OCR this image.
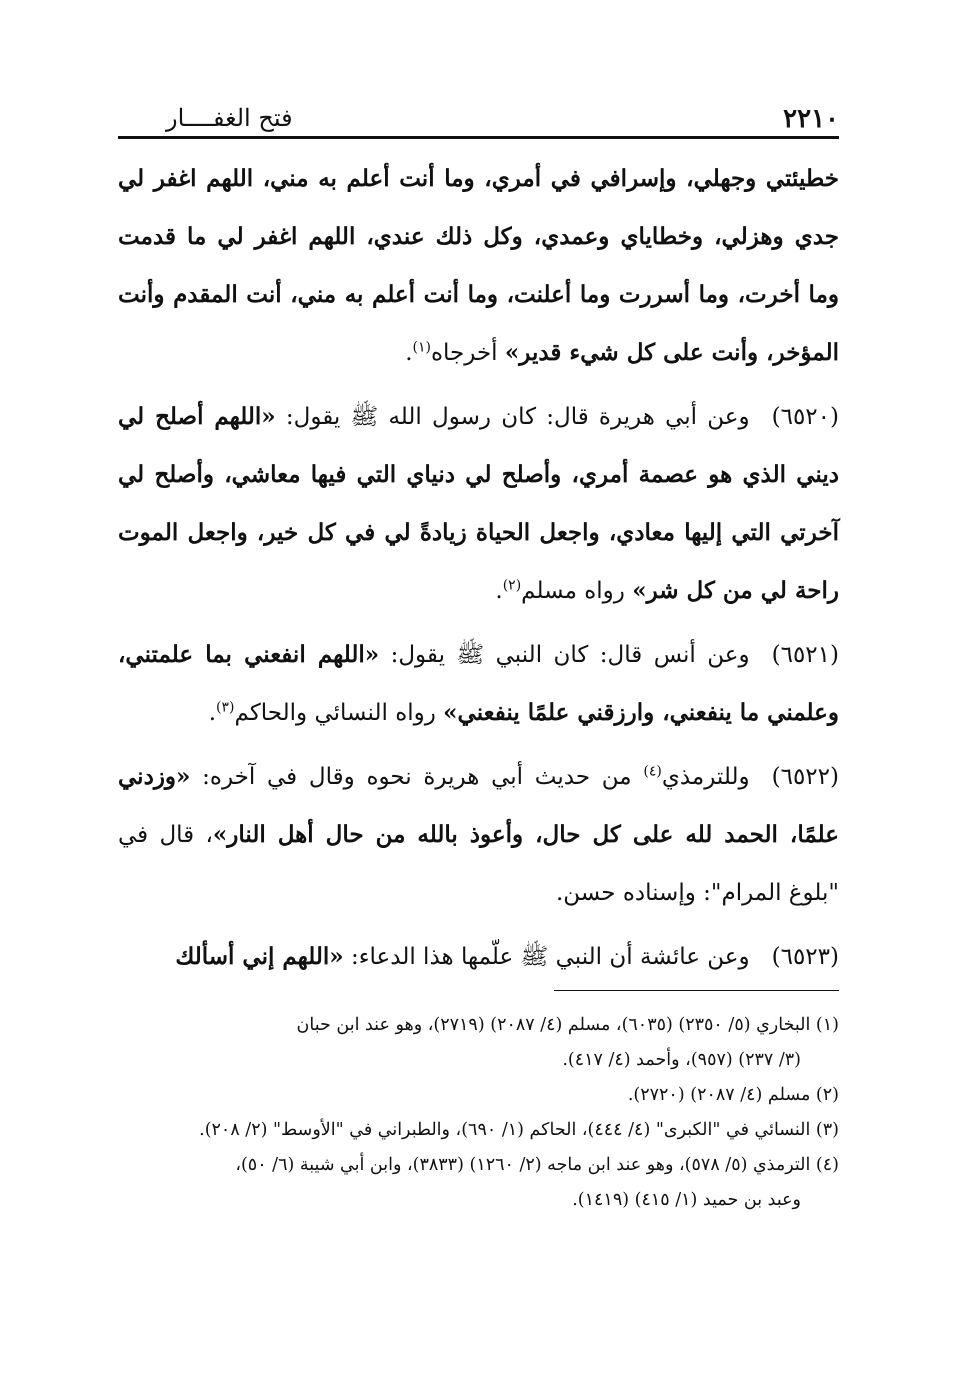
٢٢١٠
فتح الغفــــار

خطيئتي وجهلي، وإسرافي في أمري، وما أنت أعلم به مني، اللهم اغفر لي جدي وهزلي، وخطاياي وعمدي، وكل ذلك عندي، اللهم اغفر لي ما قدمت وما أخرت، وما أسررت وما أعلنت، وما أنت أعلم به مني، أنت المقدم وأنت المؤخر، وأنت على كل شيء قدير» أخرجاه$^{(١)}$.

(٦٥٢٠)وعن أبي هريرة قال: كان رسول الله ﷺ يقول: «اللهم أصلح لي ديني الذي هو عصمة أمري، وأصلح لي دنياي التي فيها معاشي، وأصلح لي آخرتي التي إليها معادي، واجعل الحياة زيادةً لي في كل خير، واجعل الموت راحة لي من كل شر» رواه مسلم$^{(٢)}$.

(٦٥٢١)وعن أنس قال: كان النبي ﷺ يقول: «اللهم انفعني بما علمتني، وعلمني ما ينفعني، وارزقني علمًا ينفعني» رواه النسائي والحاكم$^{(٣)}$.

(٦٥٢٢)وللترمذي$^{(٤)}$ من حديث أبي هريرة نحوه وقال في آخره: «وزدني علمًا، الحمد لله على كل حال، وأعوذ بالله من حال أهل النار»، قال في "بلوغ المرام": وإسناده حسن.

(٦٥٢٣)وعن عائشة أن النبي ﷺ علّمها هذا الدعاء: «اللهم إني أسألك

(١) البخاري (٥/ ٢٣٥٠) (٦٠٣٥)، مسلم (٤/ ٢٠٨٧) (٢٧١٩)، وهو عند ابن حبان
(٣/ ٢٣٧) (٩٥٧)، وأحمد (٤/ ٤١٧).

(٢) مسلم (٤/ ٢٠٨٧) (٢٧٢٠).

(٣) النسائي في "الكبرى" (٤/ ٤٤٤)، الحاكم (١/ ٦٩٠)، والطبراني في "الأوسط" (٢/ ٢٠٨).

(٤) الترمذي (٥/ ٥٧٨)، وهو عند ابن ماجه (٢/ ١٢٦٠) (٣٨٣٣)، وابن أبي شيبة (٦/ ٥٠)،
وعبد بن حميد (١/ ٤١٥) (١٤١٩).
